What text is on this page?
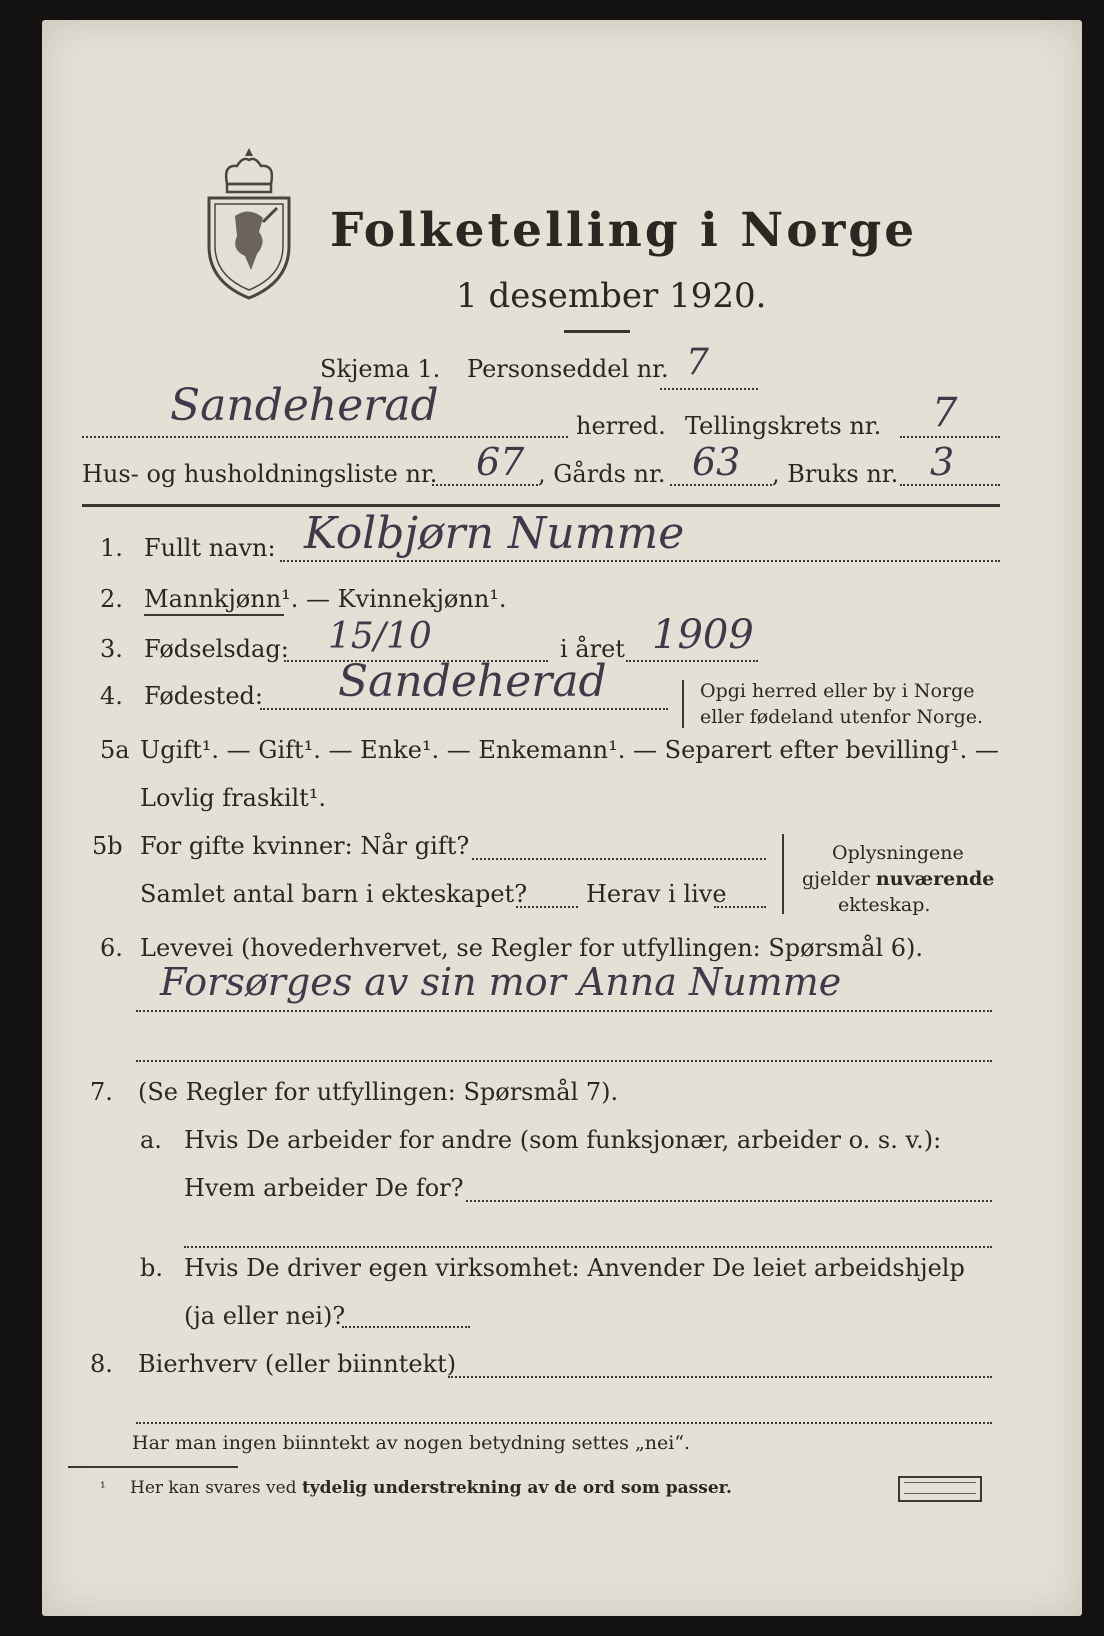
Folketelling i Norge
1 desember 1920.
Skjema 1. Personseddel nr. 7
Sandeherad	herred. Tellingskrets nr. 7
Hus- og husholdningsliste nr. 67 , Gårds nr. 63 , Bruks nr. 3
1. Fullt navn: Kolbjørn Numme
2. Mannkjønn¹. — Kvinnekjønn¹.
3. Fødselsdag: 15/10	i året 1909
4. Fødested: Sandeherad	Opgi herred eller by i Norge
eller fødeland utenfor Norge.
5a Ugift¹. — Gift¹. — Enke¹. — Enkemann¹. — Separert efter bevilling¹. —
Lovlig fraskilt¹.
5b For gifte kvinner: Når gift?
Samlet antal barn i ekteskapet? Herav i live
Oplysningene
gjelder nuværende
ekteskap.
6. Levevei (hovederhvervet, se Regler for utfyllingen: Spørsmål 6).
Forsørges av sin mor Anna Numme
7. (Se Regler for utfyllingen: Spørsmål 7).
a. Hvis De arbeider for andre (som funksjonær, arbeider o. s. v.):
Hvem arbeider De for?
b. Hvis De driver egen virksomhet: Anvender De leiet arbeidshjelp
(ja eller nei)?
8. Bierhverv (eller biinntekt)
Har man ingen biinntekt av nogen betydning settes „nei“.
¹ Her kan svares ved tydelig understrekning av de ord som passer.
